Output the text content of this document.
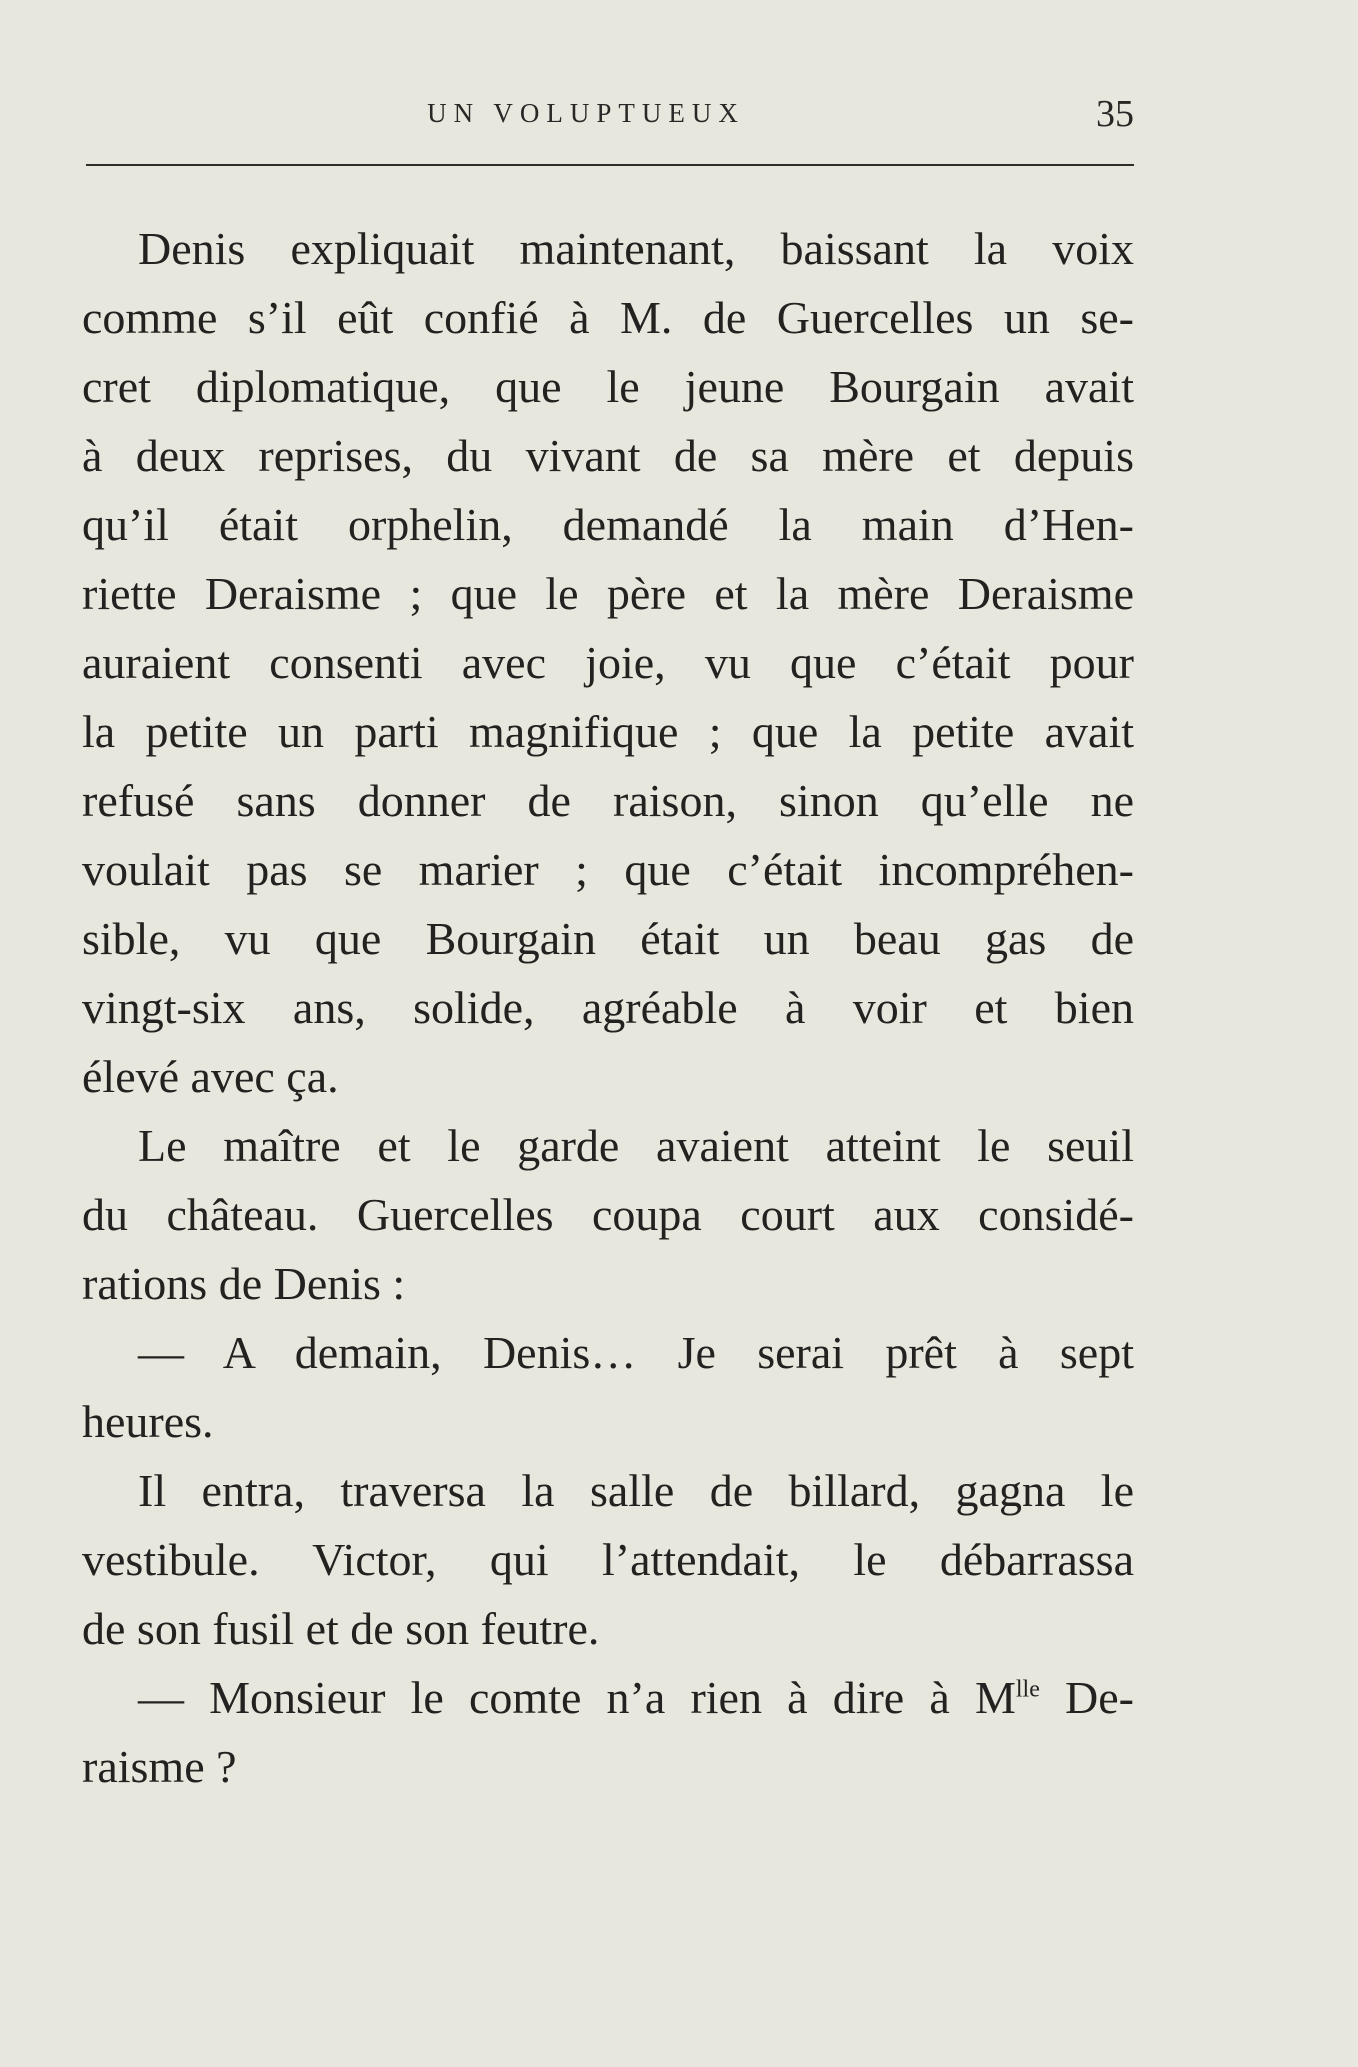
UN VOLUPTUEUX	35
Denis expliquait maintenant, baissant la voix
comme s’il eût confié à M. de Guercelles un se-
cret diplomatique, que le jeune Bourgain avait
à deux reprises, du vivant de sa mère et depuis
qu’il était orphelin, demandé la main d’Hen-
riette Deraisme ; que le père et la mère Deraisme
auraient consenti avec joie, vu que c’était pour
la petite un parti magnifique ; que la petite avait
refusé sans donner de raison, sinon qu’elle ne
voulait pas se marier ; que c’était incompréhen-
sible, vu que Bourgain était un beau gas de
vingt-six ans, solide, agréable à voir et bien
élevé avec ça.
Le maître et le garde avaient atteint le seuil
du château. Guercelles coupa court aux considé-
rations de Denis :
— A demain, Denis… Je serai prêt à sept
heures.
Il entra, traversa la salle de billard, gagna le
vestibule. Victor, qui l’attendait, le débarrassa
de son fusil et de son feutre.
— Monsieur le comte n’a rien à dire à $M^{lle}$ De-
raisme ?
